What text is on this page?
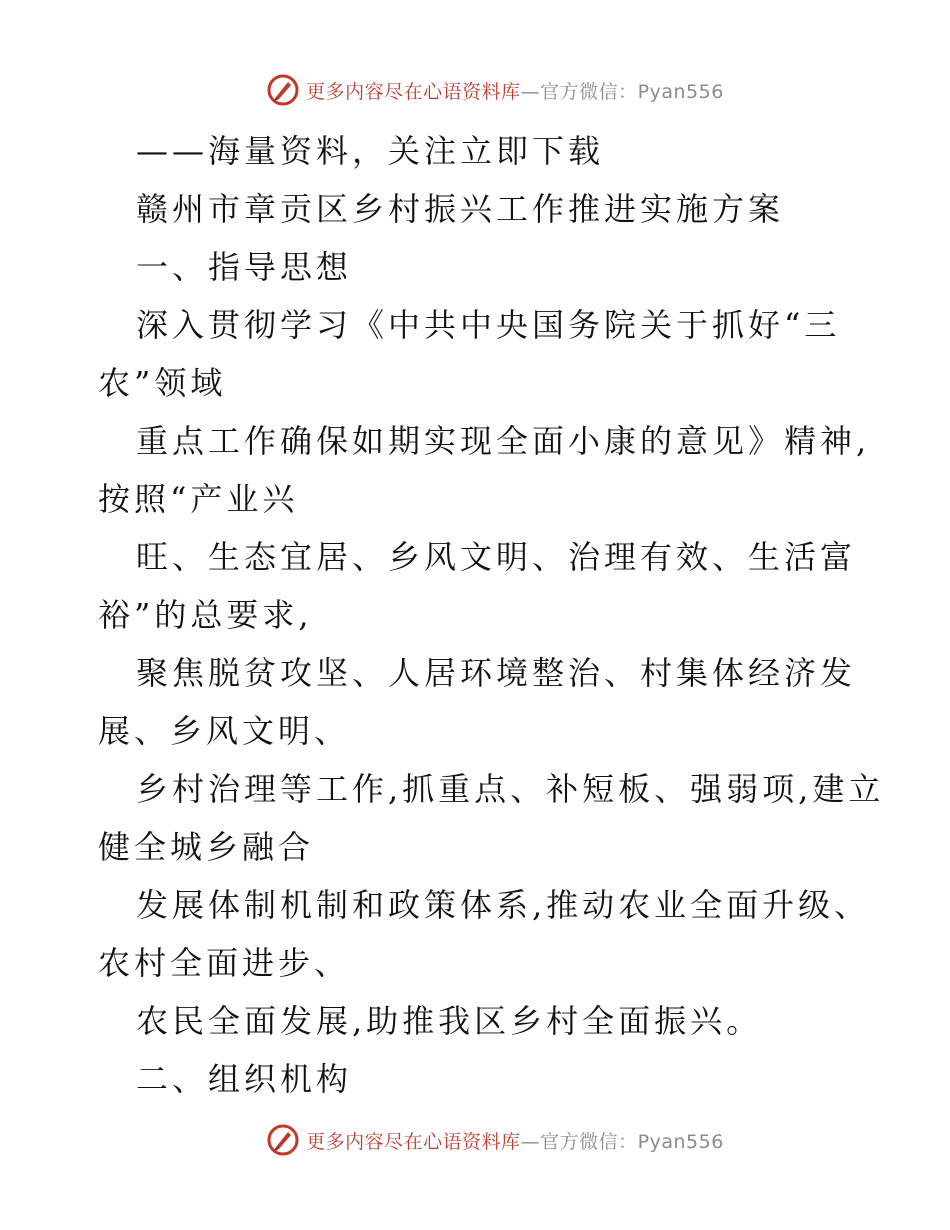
更多内容尽在心语资料库—官方微信：Pyan556
——海量资料，关注立即下载
赣州市章贡区乡村振兴工作推进实施方案
一、指导思想
深入贯彻学习《中共中央国务院关于抓好“三
农”领域
重点工作确保如期实现全面小康的意见》精神,
按照“产业兴
旺、生态宜居、乡风文明、治理有效、生活富
裕”的总要求,
聚焦脱贫攻坚、人居环境整治、村集体经济发
展、乡风文明、
乡村治理等工作,抓重点、补短板、强弱项,建立
健全城乡融合
发展体制机制和政策体系,推动农业全面升级、
农村全面进步、
农民全面发展,助推我区乡村全面振兴。
二、组织机构
更多内容尽在心语资料库—官方微信：Pyan556
